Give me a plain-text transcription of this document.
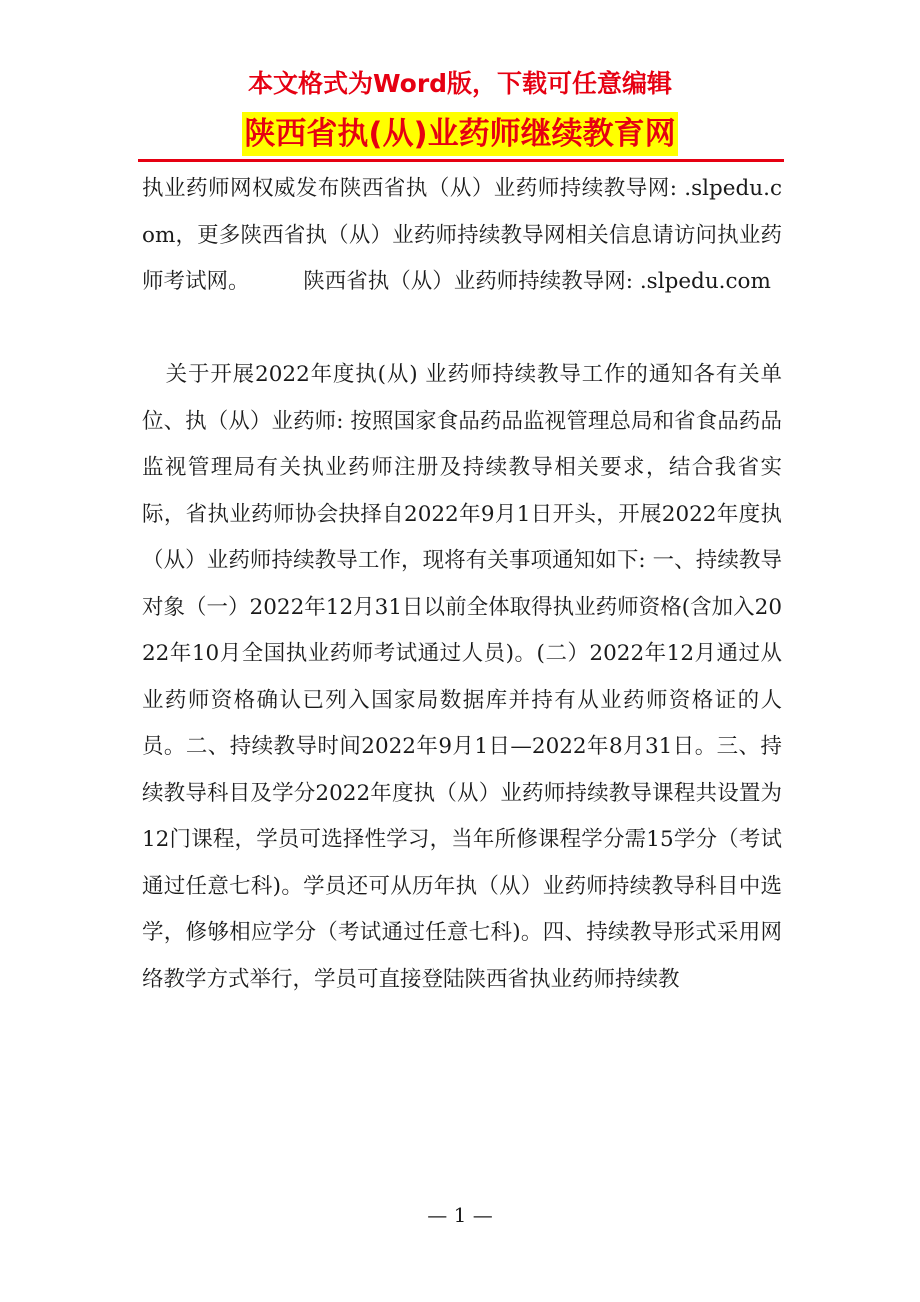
本文格式为Word版，下载可任意编辑
陕西省执(从)业药师继续教育网

执业药师网权威发布陕西省执（从）业药师持续教导网: .slpedu.com，更多陕西省执（从）业药师持续教导网相关信息请访问执业药师考试网。　　　陕西省执（从）业药师持续教导网: .slpedu.com

关于开展2022年度执(从) 业药师持续教导工作的通知各有关单位、执（从）业药师: 按照国家食品药品监视管理总局和省食品药品监视管理局有关执业药师注册及持续教导相关要求，结合我省实际，省执业药师协会抉择自2022年9月1日开头，开展2022年度执（从）业药师持续教导工作，现将有关事项通知如下: 一、持续教导对象（一）2022年12月31日以前全体取得执业药师资格(含加入2022年10月全国执业药师考试通过人员)。(二）2022年12月通过从业药师资格确认已列入国家局数据库并持有从业药师资格证的人员。二、持续教导时间2022年9月1日—2022年8月31日。三、持续教导科目及学分2022年度执（从）业药师持续教导课程共设置为12门课程，学员可选择性学习，当年所修课程学分需15学分（考试通过任意七科)。学员还可从历年执（从）业药师持续教导科目中选学，修够相应学分（考试通过任意七科)。四、持续教导形式采用网络教学方式举行，学员可直接登陆陕西省执业药师持续教

— 1 —
